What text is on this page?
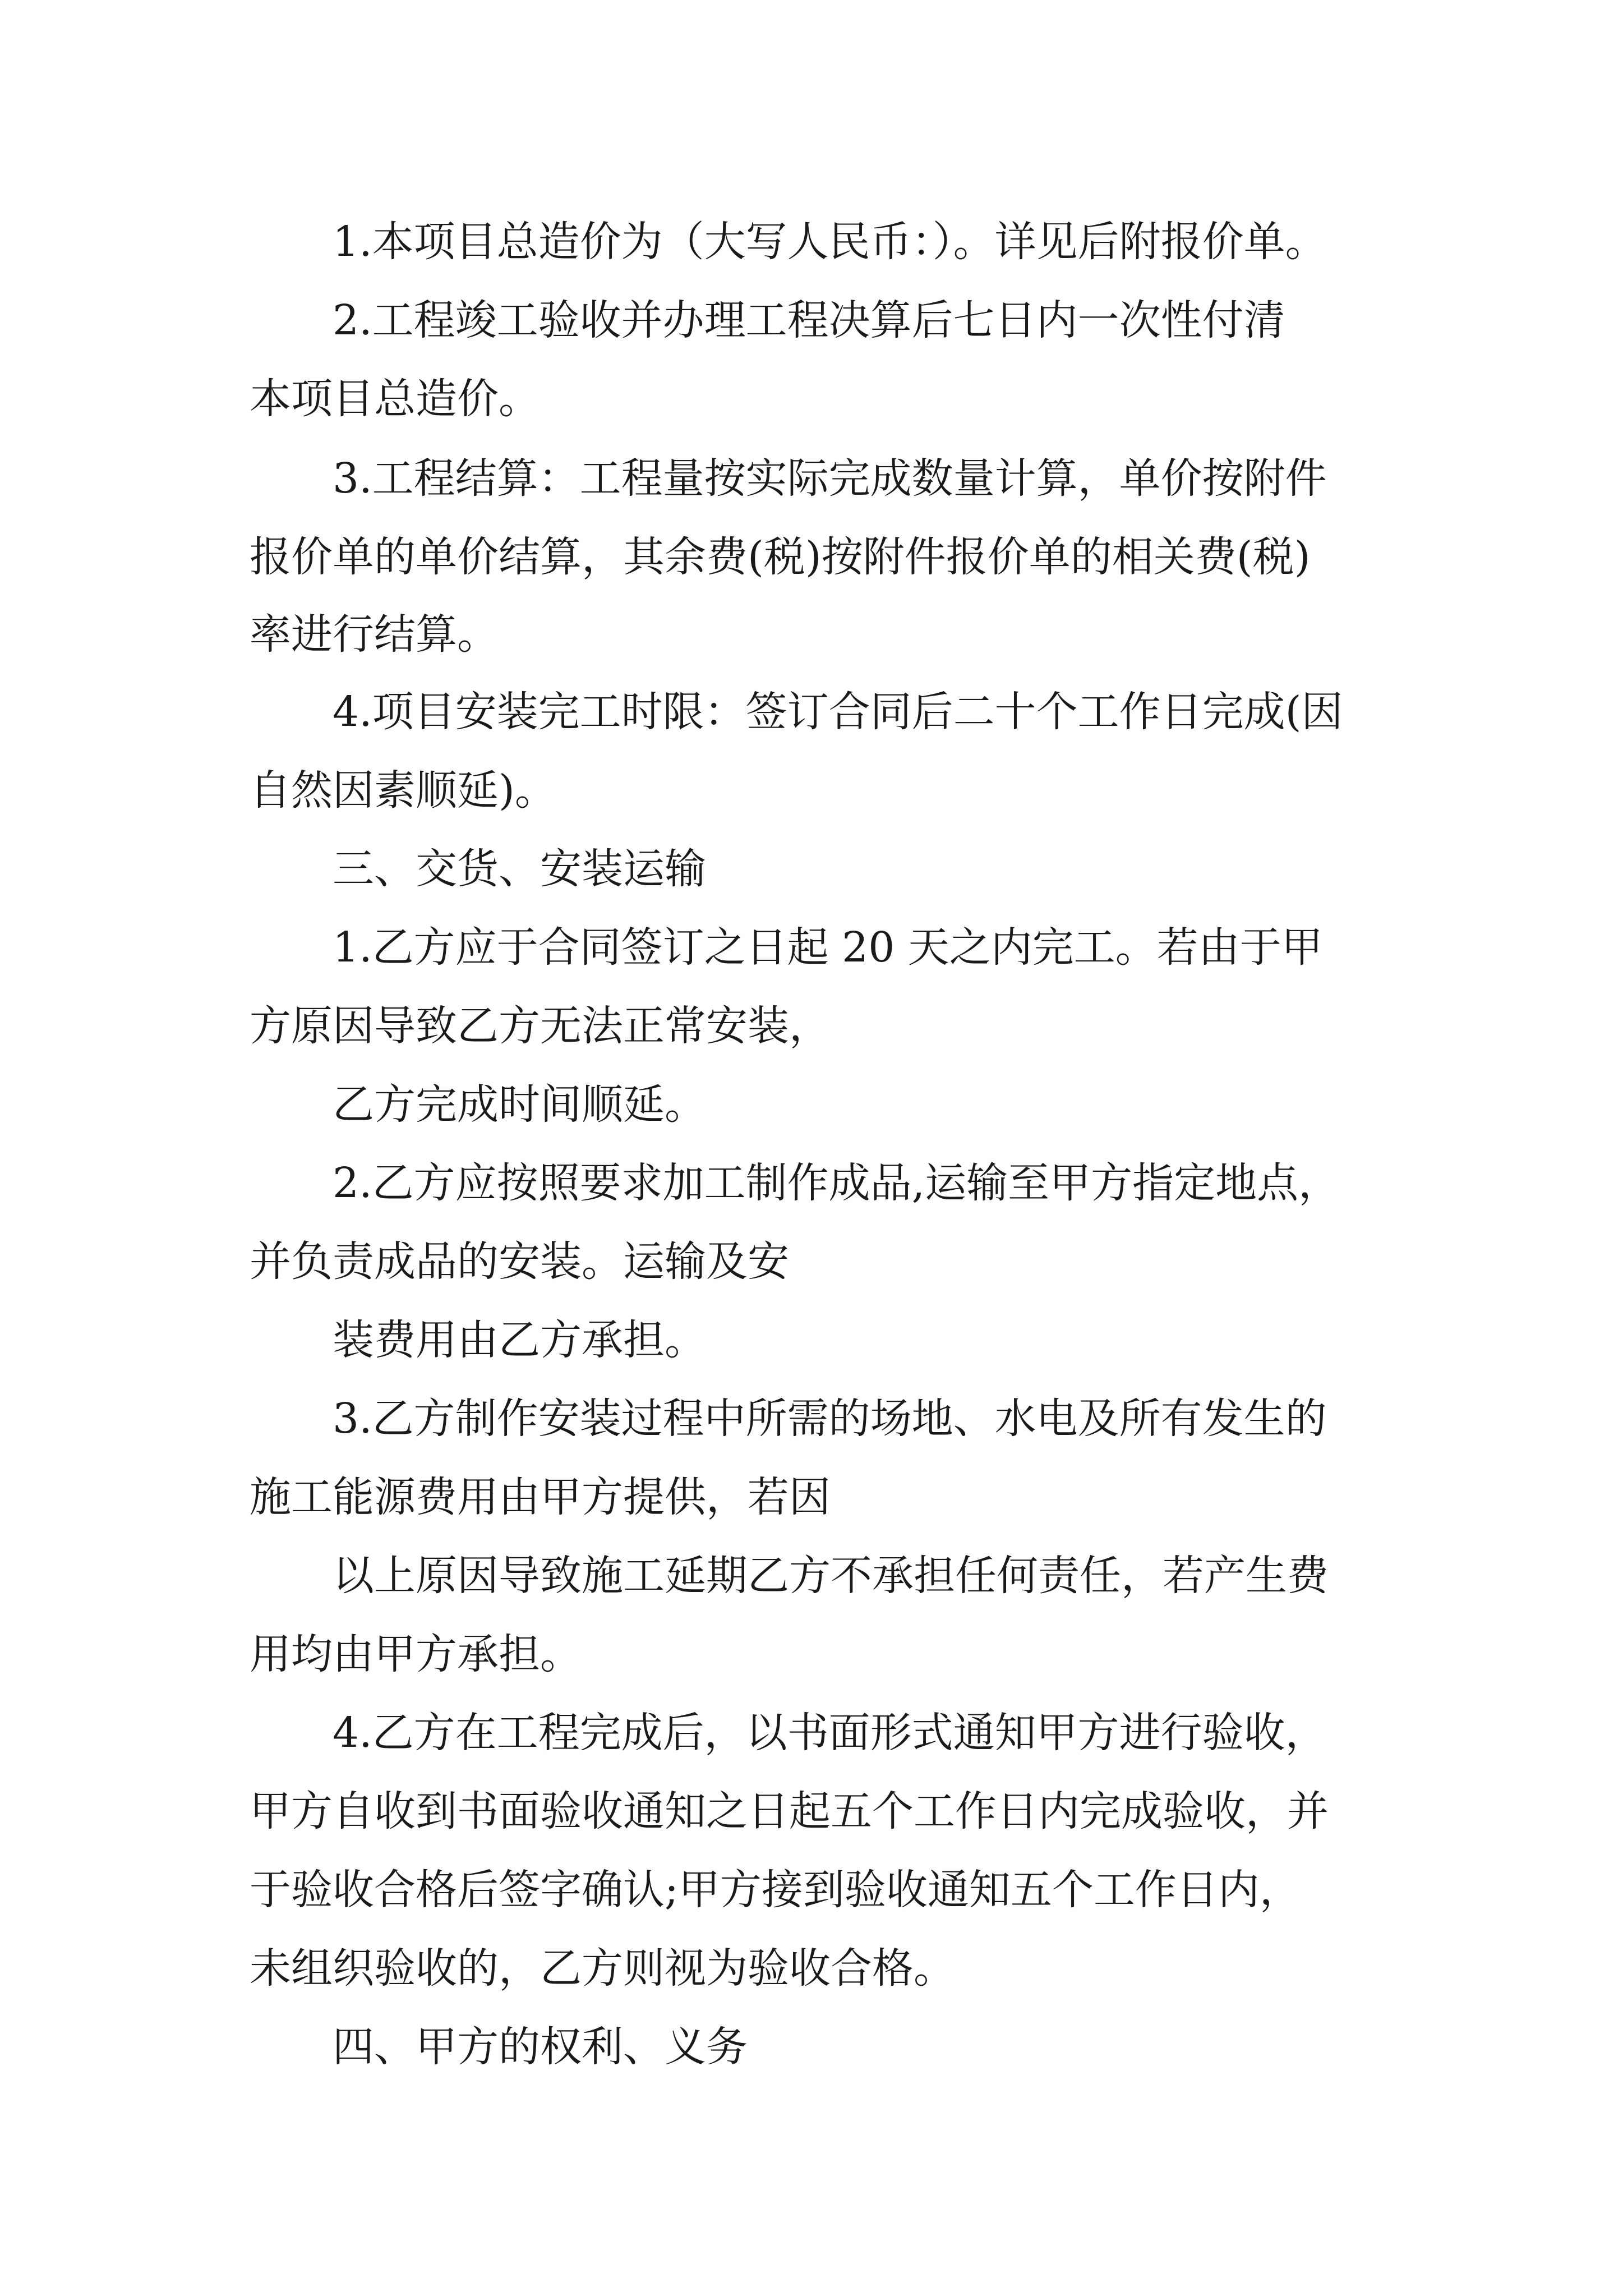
1.本项目总造价为（大写人民币：）。详见后附报价单。

2.工程竣工验收并办理工程决算后七日内一次性付清

本项目总造价。

3.工程结算：工程量按实际完成数量计算，单价按附件

报价单的单价结算，其余费(税)按附件报价单的相关费(税)

率进行结算。

4.项目安装完工时限：签订合同后二十个工作日完成(因

自然因素顺延)。

三、交货、安装运输

1.乙方应于合同签订之日起 20 天之内完工。若由于甲

方原因导致乙方无法正常安装，

乙方完成时间顺延。

2.乙方应按照要求加工制作成品,运输至甲方指定地点，

并负责成品的安装。运输及安

装费用由乙方承担。

3.乙方制作安装过程中所需的场地、水电及所有发生的

施工能源费用由甲方提供，若因

以上原因导致施工延期乙方不承担任何责任，若产生费

用均由甲方承担。

4.乙方在工程完成后，以书面形式通知甲方进行验收，

甲方自收到书面验收通知之日起五个工作日内完成验收，并

于验收合格后签字确认;甲方接到验收通知五个工作日内，

未组织验收的，乙方则视为验收合格。

四、甲方的权利、义务
